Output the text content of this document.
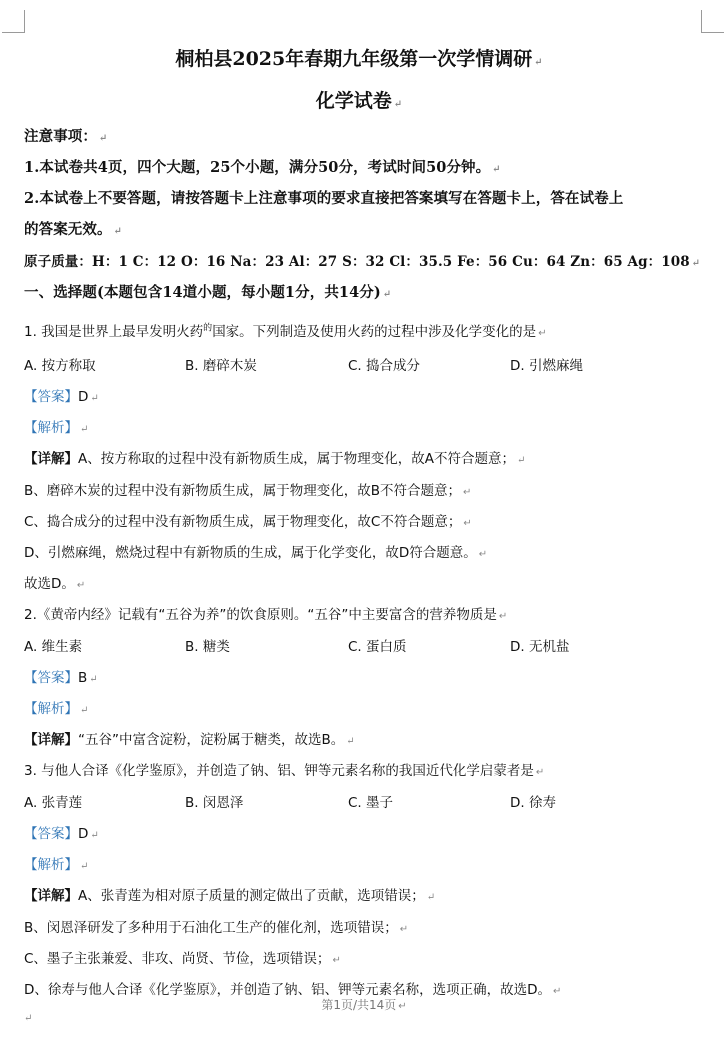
桐柏县2025年春期九年级第一次学情调研 ↵
化学试卷 ↵
注意事项： ↵
1.本试卷共4页，四个大题，25个小题，满分50分，考试时间50分钟。 ↵
2.本试卷上不要答题，请按答题卡上注意事项的要求直接把答案填写在答题卡上，答在试卷上
的答案无效。 ↵
原子质量：H：1 C：12 O：16 Na：23 Al：27 S：32 Cl：35.5 Fe：56 Cu：64 Zn：65 Ag：108 ↵
一、选择题(本题包含14道小题，每小题1分，共14分) ↵
1. 我国是世界上最早发明火药$^的$国家。下列制造及使用火药的过程中涉及化学变化的是 ↵
A. 按方称取	B. 磨碎木炭	C. 捣合成分	D. 引燃麻绳
【答案】D ↵
【解析】 ↵
【详解】A、按方称取的过程中没有新物质生成，属于物理变化，故A不符合题意； ↵
B、磨碎木炭的过程中没有新物质生成，属于物理变化，故B不符合题意； ↵
C、捣合成分的过程中没有新物质生成，属于物理变化，故C不符合题意； ↵
D、引燃麻绳，燃烧过程中有新物质的生成，属于化学变化，故D符合题意。 ↵
故选D。 ↵
2.《黄帝内经》记载有“五谷为养”的饮食原则。“五谷”中主要富含的营养物质是 ↵
A. 维生素	B. 糖类	C. 蛋白质	D. 无机盐
【答案】B ↵
【解析】 ↵
【详解】“五谷”中富含淀粉，淀粉属于糖类，故选B。 ↵
3. 与他人合译《化学鉴原》，并创造了钠、铝、钾等元素名称的我国近代化学启蒙者是 ↵
A. 张青莲	B. 闵恩泽	C. 墨子	D. 徐寿
【答案】D ↵
【解析】 ↵
【详解】A、张青莲为相对原子质量的测定做出了贡献，选项错误； ↵
B、闵恩泽研发了多种用于石油化工生产的催化剂，选项错误； ↵
C、墨子主张兼爱、非攻、尚贤、节俭，选项错误； ↵
D、徐寿与他人合译《化学鉴原》，并创造了钠、铝、钾等元素名称，选项正确，故选D。 ↵
第1页/共14页 ↵
↵
